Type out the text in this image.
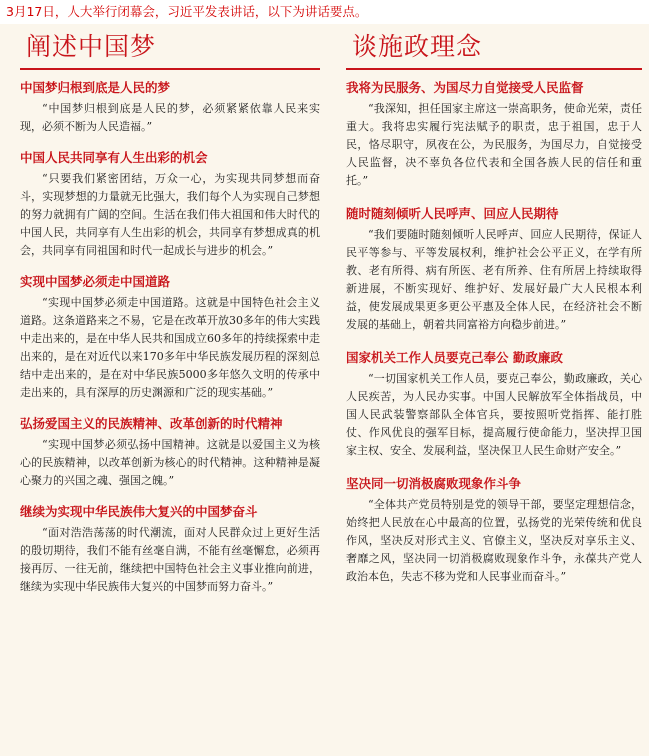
3月17日，人大举行闭幕会，习近平发表讲话，以下为讲话要点。
阐述中国梦
中国梦归根到底是人民的梦
“中国梦归根到底是人民的梦，必须紧紧依靠人民来实现，必须不断为人民造福。”
中国人民共同享有人生出彩的机会
“只要我们紧密团结，万众一心，为实现共同梦想而奋斗，实现梦想的力量就无比强大，我们每个人为实现自己梦想的努力就拥有广阔的空间。生活在我们伟大祖国和伟大时代的中国人民，共同享有人生出彩的机会，共同享有梦想成真的机会，共同享有同祖国和时代一起成长与进步的机会。”
实现中国梦必须走中国道路
“实现中国梦必须走中国道路。这就是中国特色社会主义道路。这条道路来之不易，它是在改革开放30多年的伟大实践中走出来的，是在中华人民共和国成立60多年的持续探索中走出来的，是在对近代以来170多年中华民族发展历程的深刻总结中走出来的，是在对中华民族5000多年悠久文明的传承中走出来的，具有深厚的历史渊源和广泛的现实基础。”
弘扬爱国主义的民族精神、改革创新的时代精神
“实现中国梦必须弘扬中国精神。这就是以爱国主义为核心的民族精神，以改革创新为核心的时代精神。这种精神是凝心聚力的兴国之魂、强国之魄。”
继续为实现中华民族伟大复兴的中国梦奋斗
“面对浩浩荡荡的时代潮流，面对人民群众过上更好生活的殷切期待，我们不能有丝毫自满，不能有丝毫懈怠，必须再接再厉、一往无前，继续把中国特色社会主义事业推向前进，继续为实现中华民族伟大复兴的中国梦而努力奋斗。”
谈施政理念
我将为民服务、为国尽力自觉接受人民监督
“我深知，担任国家主席这一崇高职务，使命光荣，责任重大。我将忠实履行宪法赋予的职责，忠于祖国，忠于人民，恪尽职守，夙夜在公，为民服务，为国尽力，自觉接受人民监督，决不辜负各位代表和全国各族人民的信任和重托。”
随时随刻倾听人民呼声、回应人民期待
“我们要随时随刻倾听人民呼声、回应人民期待，保证人民平等参与、平等发展权利，维护社会公平正义，在学有所教、老有所得、病有所医、老有所养、住有所居上持续取得新进展，不断实现好、维护好、发展好最广大人民根本利益，使发展成果更多更公平惠及全体人民，在经济社会不断发展的基础上，朝着共同富裕方向稳步前进。”
国家机关工作人员要克己奉公 勤政廉政
“一切国家机关工作人员，要克己奉公，勤政廉政，关心人民疾苦，为人民办实事。中国人民解放军全体指战员，中国人民武装警察部队全体官兵，要按照听党指挥、能打胜仗、作风优良的强军目标，提高履行使命能力，坚决捍卫国家主权、安全、发展利益，坚决保卫人民生命财产安全。”
坚决同一切消极腐败现象作斗争
“全体共产党员特别是党的领导干部，要坚定理想信念，始终把人民放在心中最高的位置，弘扬党的光荣传统和优良作风，坚决反对形式主义、官僚主义，坚决反对享乐主义、奢靡之风，坚决同一切消极腐败现象作斗争，永葆共产党人政治本色，失志不移为党和人民事业而奋斗。”
